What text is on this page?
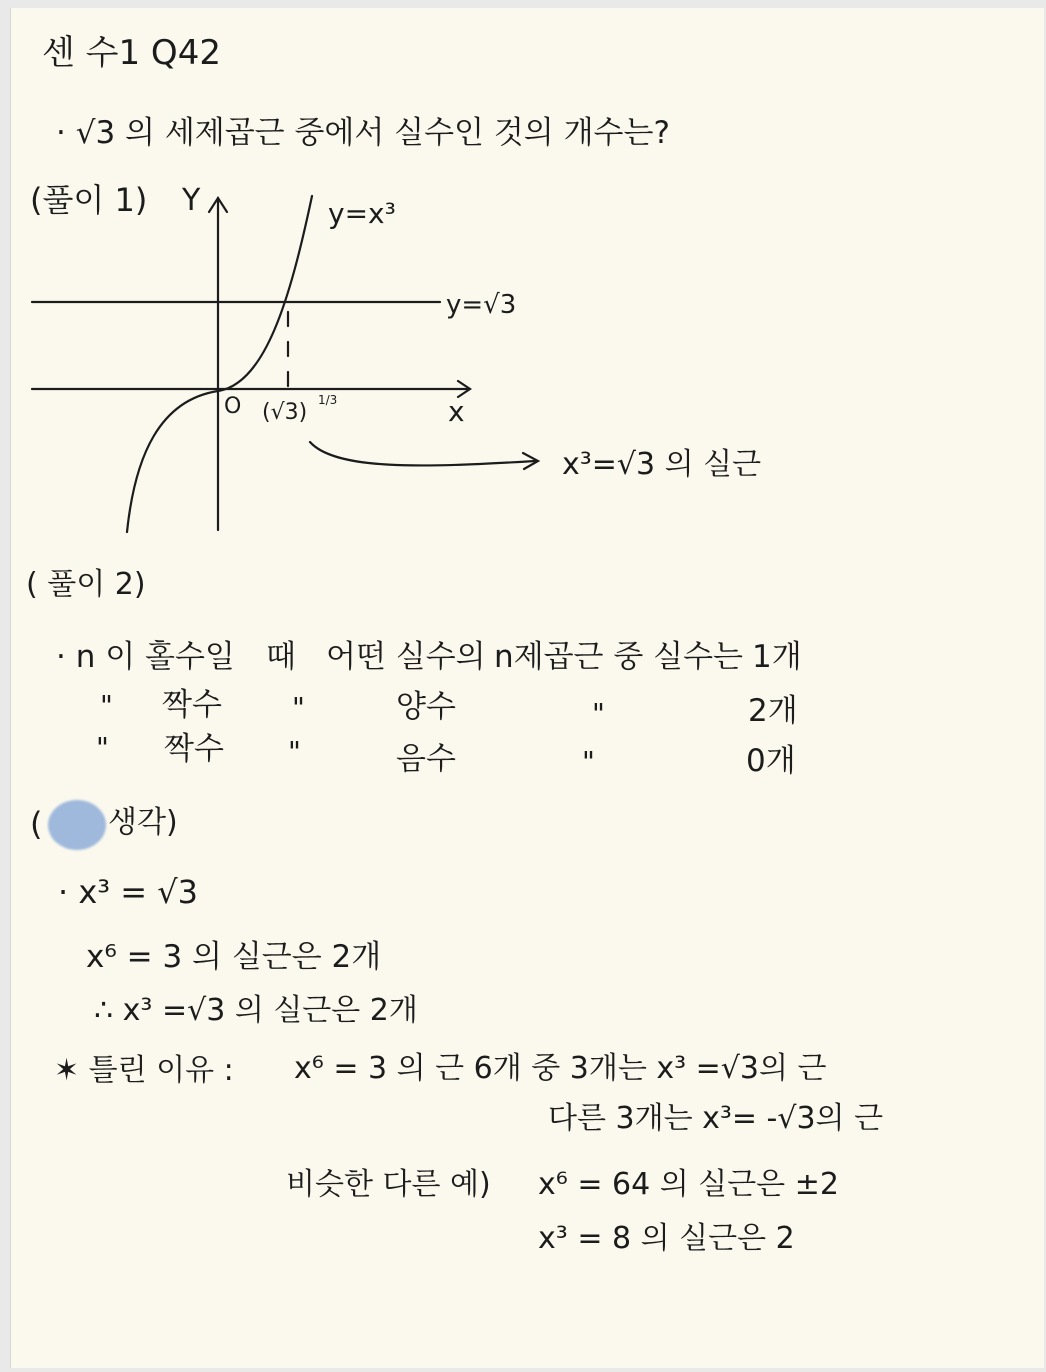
센 수1 Q42
· √3 의 세제곱근 중에서 실수인 것의 개수는?
(풀이 1) Y
x
O
y=x³
y=√3
(√3) 1/3
x³=√3 의 실근
( 풀이 2)
· n 이 홀수일 때 어떤 실수의 n제곱근 중 실수는 1개
" 짝수	"	양수	"	2개
" 짝수 "	음수	"	0개
( 생각)
· x³ = √3
x⁶ = 3 의 실근은 2개
∴ x³ =√3 의 실근은 2개
✶ 틀린 이유 : x⁶ = 3 의 근 6개 중 3개는 x³ =√3의 근
다른 3개는 x³= -√3의 근
비슷한 다른 예) x⁶ = 64 의 실근은 ±2
x³ = 8 의 실근은 2
